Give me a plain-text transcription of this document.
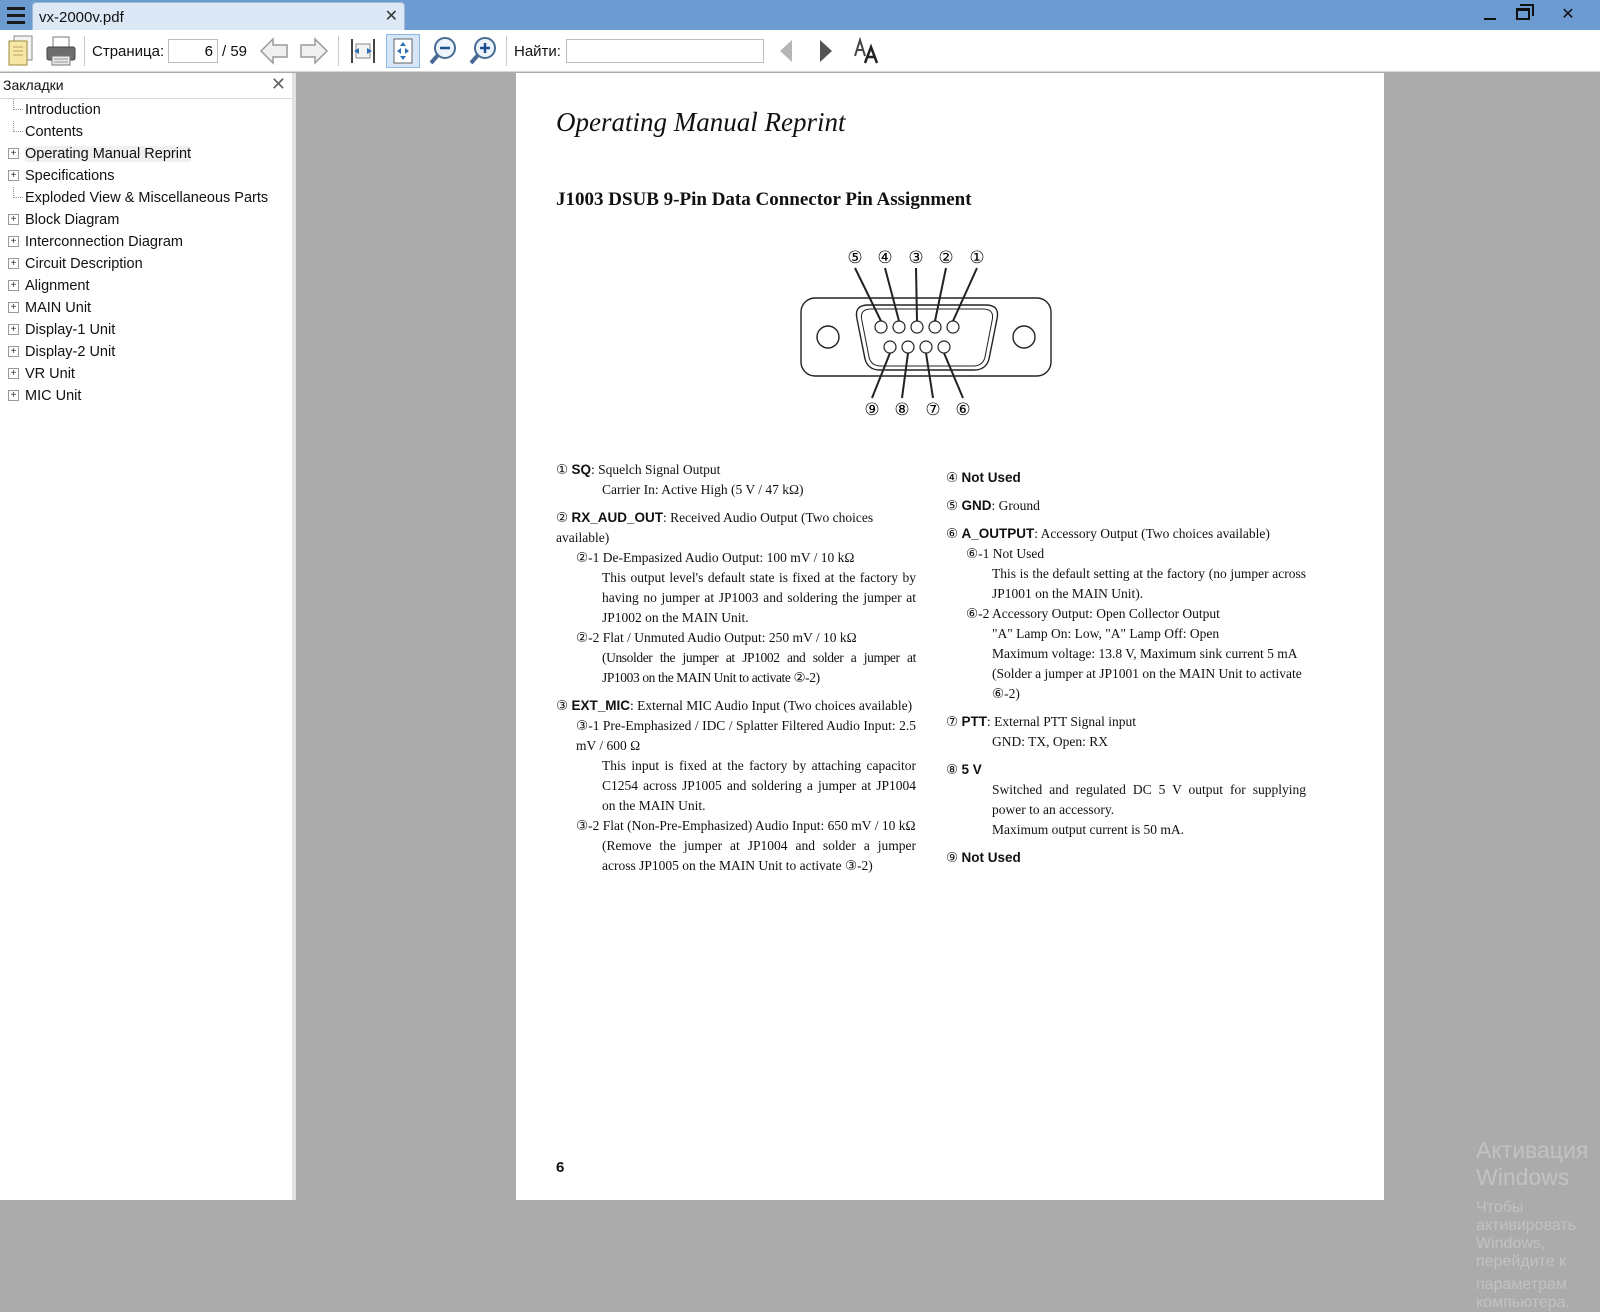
vx-2000v.pdf	✕	✕
Страница:
6	/ 59	Найти:
Закладки	✕
Introduction
Contents
+ Operating Manual Reprint
+ Specifications
Exploded View & Miscellaneous Parts
+ Block Diagram
+ Interconnection Diagram
+ Circuit Description
+ Alignment
+ MAIN Unit
+ Display-1 Unit
+ Display-2 Unit
+ VR Unit
+ MIC Unit
Operating Manual Reprint
J1003 DSUB 9-Pin Data Connector Pin Assignment
⑤ ④ ③ ② ①
⑨ ⑧ ⑦ ⑥
① SQ: Squelch Signal Output
Carrier In: Active High (5 V / 47 kΩ)
② RX_AUD_OUT: Received Audio Output (Two choices available)
②-1 De-Empasized Audio Output: 100 mV / 10 kΩ
This output level's default state is fixed at the factory by having no jumper at JP1003 and soldering the jumper at JP1002 on the MAIN Unit.
②-2 Flat / Unmuted Audio Output: 250 mV / 10 kΩ
(Unsolder the jumper at JP1002 and solder a jumper at JP1003 on the MAIN Unit to activate ②-2)
③ EXT_MIC: External MIC Audio Input (Two choices available)
③-1 Pre-Emphasized / IDC / Splatter Filtered Audio Input: 2.5 mV / 600 Ω
This input is fixed at the factory by attaching capacitor C1254 across JP1005 and soldering a jumper at JP1004 on the MAIN Unit.
③-2 Flat (Non-Pre-Emphasized) Audio Input: 650 mV / 10 kΩ
(Remove the jumper at JP1004 and solder a jumper across JP1005 on the MAIN Unit to activate ③-2)
④ Not Used
⑤ GND: Ground
⑥ A_OUTPUT: Accessory Output (Two choices available)
⑥-1 Not Used
This is the default setting at the factory (no jumper across JP1001 on the MAIN Unit).
⑥-2 Accessory Output: Open Collector Output
"A" Lamp On: Low, "A" Lamp Off: Open
Maximum voltage: 13.8 V, Maximum sink current 5 mA
(Solder a jumper at JP1001 on the MAIN Unit to activate ⑥-2)
⑦ PTT: External PTT Signal input
GND: TX, Open: RX
⑧ 5 V
Switched and regulated DC 5 V output for supplying power to an accessory.
Maximum output current is 50 mA.
⑨ Not Used
6
Активация Windows
Чтобы активировать Windows, перейдите к
параметрам компьютера.
